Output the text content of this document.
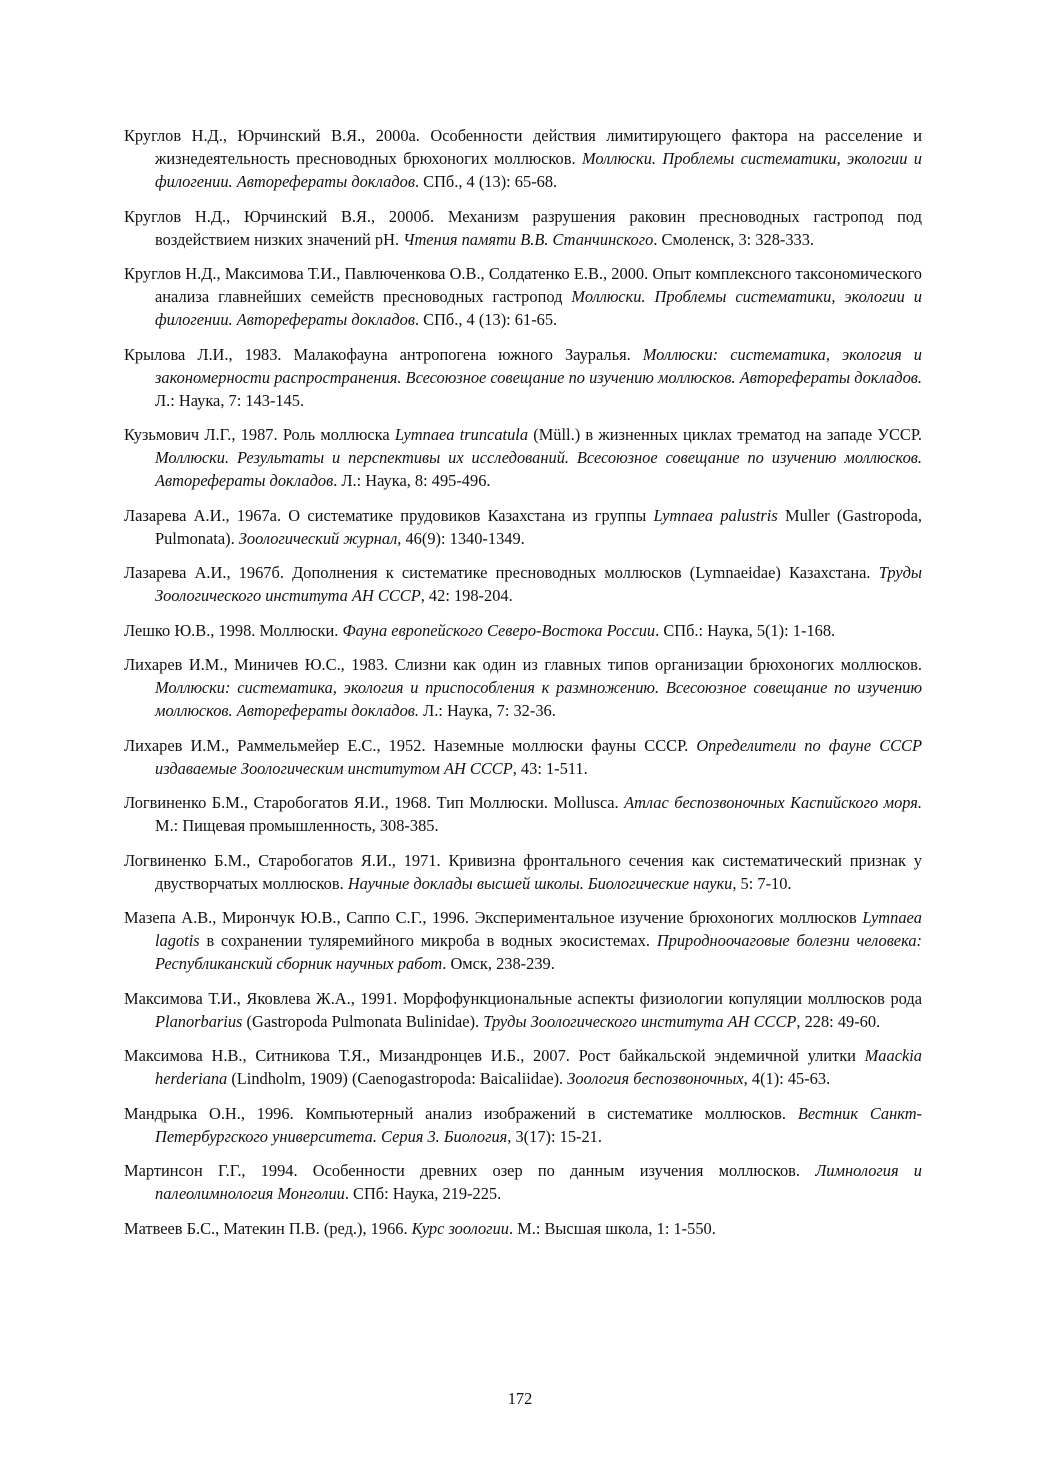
Круглов Н.Д., Юрчинский В.Я., 2000а. Особенности действия лимитирующего фактора на расселение и жизнедеятельность пресноводных брюхоногих моллюсков. Моллюски. Проблемы систематики, экологии и филогении. Авторефераты докладов. СПб., 4 (13): 65-68.

Круглов Н.Д., Юрчинский В.Я., 2000б. Механизм разрушения раковин пресноводных гастропод под воздействием низких значений рН. Чтения памяти В.В. Станчинского. Смоленск, 3: 328-333.

Круглов Н.Д., Максимова Т.И., Павлюченкова О.В., Солдатенко Е.В., 2000. Опыт комплексного таксономического анализа главнейших семейств пресноводных гастропод Моллюски. Проблемы систематики, экологии и филогении. Авторефераты докладов. СПб., 4 (13): 61-65.

Крылова Л.И., 1983. Малакофауна антропогена южного Зауралья. Моллюски: систематика, экология и закономерности распространения. Всесоюзное совещание по изучению моллюсков. Авторефераты докладов. Л.: Наука, 7: 143-145.

Кузьмович Л.Г., 1987. Роль моллюска Lymnaea truncatula (Müll.) в жизненных циклах трематод на западе УССР. Моллюски. Результаты и перспективы их исследований. Всесоюзное совещание по изучению моллюсков. Авторефераты докладов. Л.: Наука, 8: 495-496.

Лазарева А.И., 1967а. О систематике прудовиков Казахстана из группы Lymnaea palustris Muller (Gastropoda, Pulmonata). Зоологический журнал, 46(9): 1340-1349.

Лазарева А.И., 1967б. Дополнения к систематике пресноводных моллюсков (Lymnaeidae) Казахстана. Труды Зоологического института АН СССР, 42: 198-204.

Лешко Ю.В., 1998. Моллюски. Фауна европейского Северо-Востока России. СПб.: Наука, 5(1): 1-168.

Лихарев И.М., Миничев Ю.С., 1983. Слизни как один из главных типов организации брюхоногих моллюсков. Моллюски: систематика, экология и приспособления к размножению. Всесоюзное совещание по изучению моллюсков. Авторефераты докладов. Л.: Наука, 7: 32-36.

Лихарев И.М., Раммельмейер Е.С., 1952. Наземные моллюски фауны СССР. Определители по фауне СССР издаваемые Зоологическим институтом АН СССР, 43: 1-511.

Логвиненко Б.М., Старобогатов Я.И., 1968. Тип Моллюски. Mollusca. Атлас беспозвоночных Каспийского моря. М.: Пищевая промышленность, 308-385.

Логвиненко Б.М., Старобогатов Я.И., 1971. Кривизна фронтального сечения как систематический признак у двустворчатых моллюсков. Научные доклады высшей школы. Биологические науки, 5: 7-10.

Мазепа А.В., Мирончук Ю.В., Саппо С.Г., 1996. Экспериментальное изучение брюхоногих моллюсков Lymnaea lagotis в сохранении туляремийного микроба в водных экосистемах. Природноочаговые болезни человека: Республиканский сборник научных работ. Омск, 238-239.

Максимова Т.И., Яковлева Ж.А., 1991. Морфофункциональные аспекты физиологии копуляции моллюсков рода Planorbarius (Gastropoda Pulmonata Bulinidae). Труды Зоологического института АН СССР, 228: 49-60.

Максимова Н.В., Ситникова Т.Я., Мизандронцев И.Б., 2007. Рост байкальской эндемичной улитки Maackia herderiana (Lindholm, 1909) (Caenogastropoda: Baicaliidae). Зоология беспозвоночных, 4(1): 45-63.

Мандрыка О.Н., 1996. Компьютерный анализ изображений в систематике моллюсков. Вестник Санкт-Петербургского университета. Серия 3. Биология, 3(17): 15-21.

Мартинсон Г.Г., 1994. Особенности древних озер по данным изучения моллюсков. Лимнология и палеолимнология Монголии. СПб: Наука, 219-225.

Матвеев Б.С., Матекин П.В. (ред.), 1966. Курс зоологии. М.: Высшая школа, 1: 1-550.

172
